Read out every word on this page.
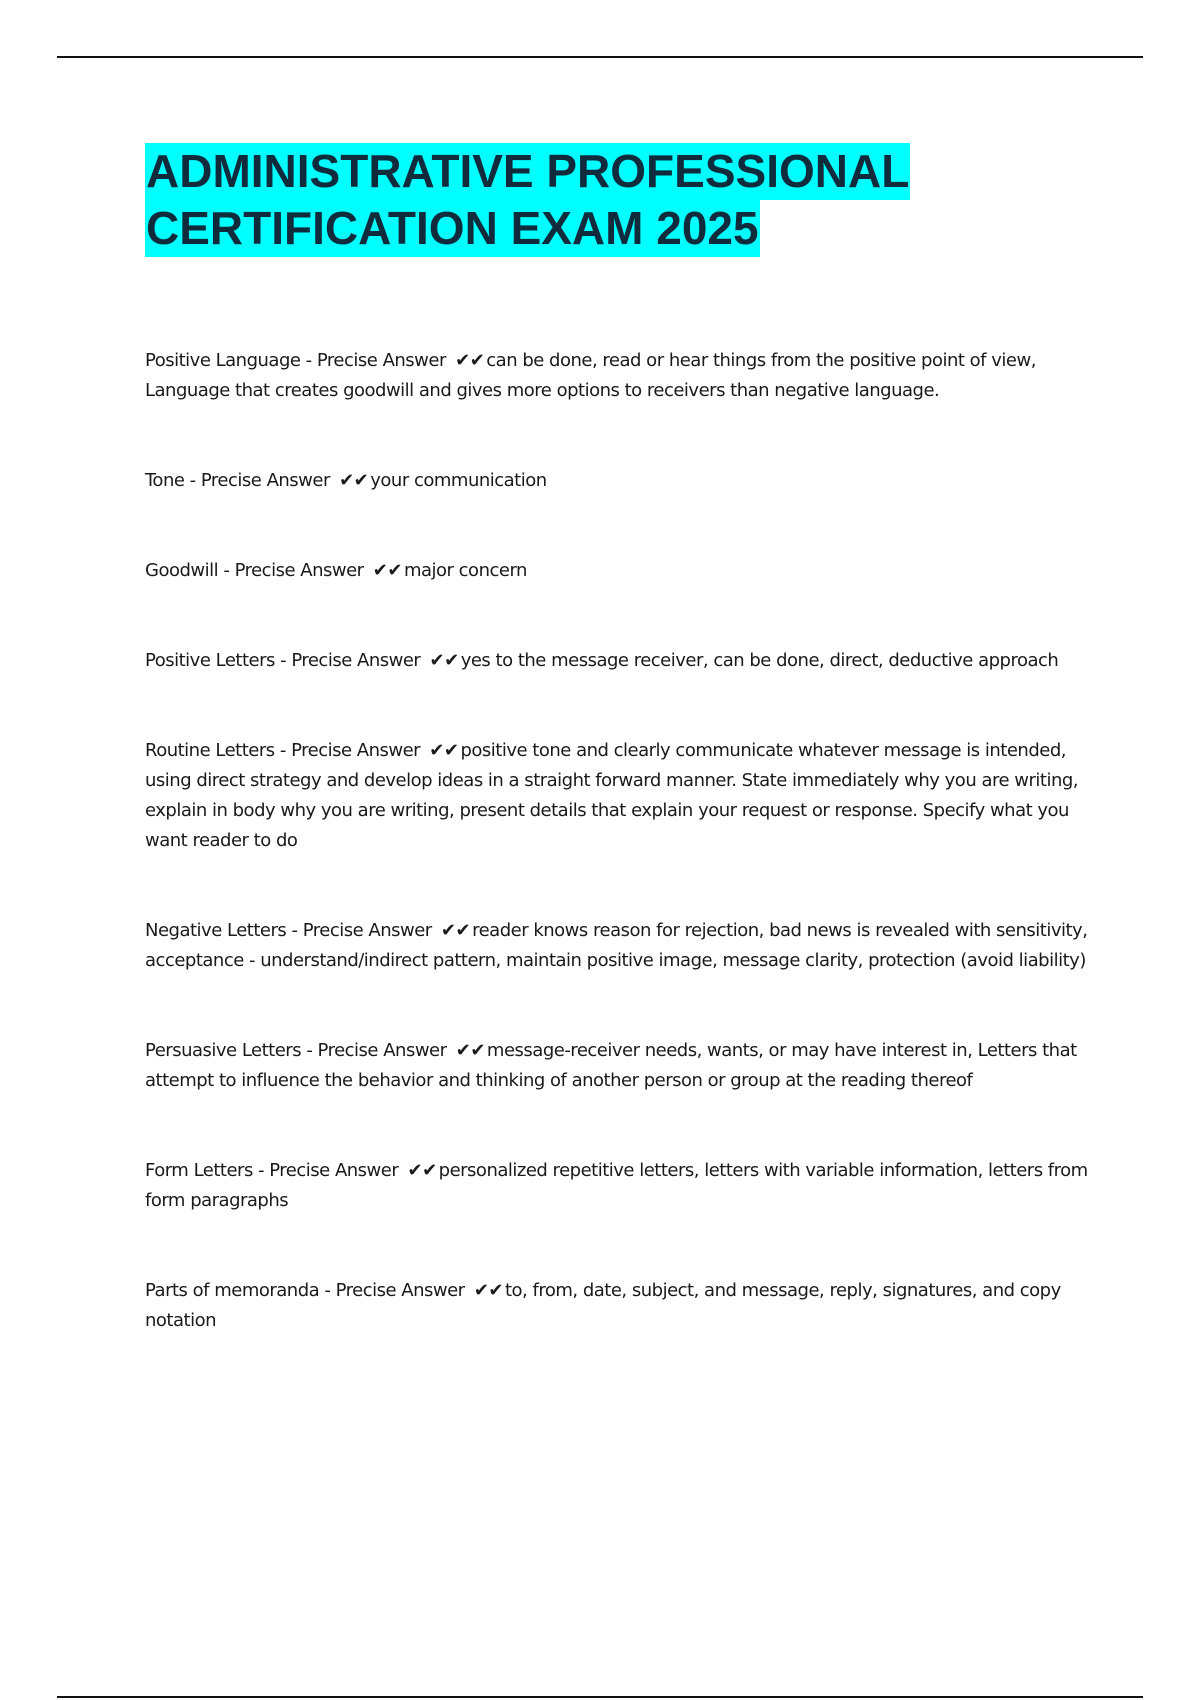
ADMINISTRATIVE PROFESSIONAL
CERTIFICATION EXAM 2025

Positive Language - Precise Answer ✔✔ can be done, read or hear things from the positive point of view, Language that creates goodwill and gives more options to receivers than negative language.

Tone - Precise Answer ✔✔ your communication

Goodwill - Precise Answer ✔✔ major concern

Positive Letters - Precise Answer ✔✔ yes to the message receiver, can be done, direct, deductive approach

Routine Letters - Precise Answer ✔✔ positive tone and clearly communicate whatever message is intended, using direct strategy and develop ideas in a straight forward manner. State immediately why you are writing, explain in body why you are writing, present details that explain your request or response. Specify what you want reader to do

Negative Letters - Precise Answer ✔✔ reader knows reason for rejection, bad news is revealed with sensitivity, acceptance - understand/indirect pattern, maintain positive image, message clarity, protection (avoid liability)

Persuasive Letters - Precise Answer ✔✔ message-receiver needs, wants, or may have interest in, Letters that attempt to influence the behavior and thinking of another person or group at the reading thereof

Form Letters - Precise Answer ✔✔ personalized repetitive letters, letters with variable information, letters from form paragraphs

Parts of memoranda - Precise Answer ✔✔ to, from, date, subject, and message, reply, signatures, and copy notation
